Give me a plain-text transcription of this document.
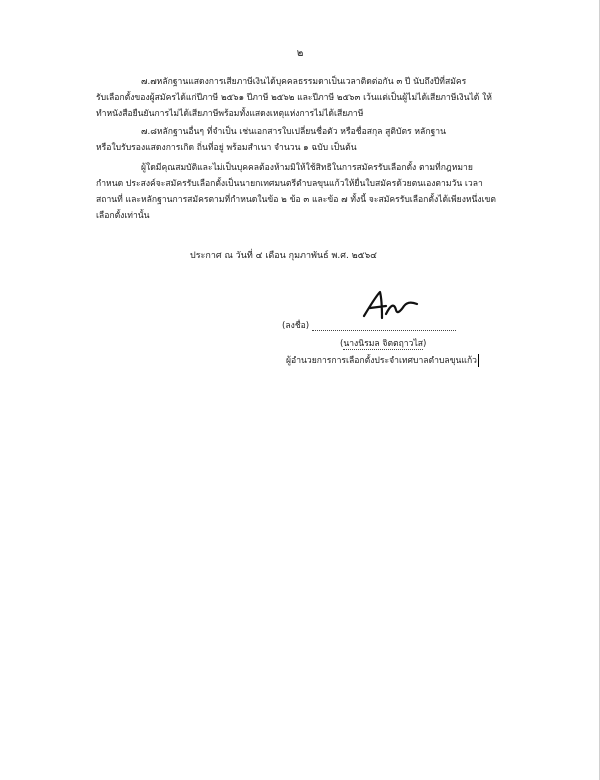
๒
๗.๗หลักฐานแสดงการเสียภาษีเงินได้บุคคลธรรมดาเป็นเวลาติดต่อกัน ๓ ปี นับถึงปีที่สมัคร
รับเลือกตั้งของผู้สมัครได้แก่ปีภาษี ๒๕๖๑ ปีภาษี ๒๕๖๒ และปีภาษี ๒๕๖๓ เว้นแต่เป็นผู้ไม่ได้เสียภาษีเงินได้ ให้
ทำหนังสือยืนยันการไม่ได้เสียภาษีพร้อมทั้งแสดงเหตุแห่งการไม่ได้เสียภาษี
๗.๘หลักฐานอื่นๆ ที่จำเป็น เช่นเอกสารใบเปลี่ยนชื่อตัว หรือชื่อสกุล สูติบัตร หลักฐาน
หรือใบรับรองแสดงการเกิด ถิ่นที่อยู่ พร้อมสำเนา จำนวน ๑ ฉบับ เป็นต้น
ผู้ใดมีคุณสมบัติและไม่เป็นบุคคลต้องห้ามมิให้ใช้สิทธิในการสมัครรับเลือกตั้ง ตามที่กฎหมาย
กำหนด ประสงค์จะสมัครรับเลือกตั้งเป็นนายกเทศมนตรีตำบลขุนแก้วให้ยื่นใบสมัครด้วยตนเองตามวัน เวลา
สถานที่ และหลักฐานการสมัครตามที่กำหนดในข้อ ๒ ข้อ ๓ และข้อ ๗ ทั้งนี้ จะสมัครรับเลือกตั้งได้เพียงหนึ่งเขต
เลือกตั้งเท่านั้น
ประกาศ ณ วันที่ ๔ เดือน กุมภาพันธ์ พ.ศ. ๒๕๖๔
(ลงชื่อ)
(นางนิรมล จิตตฤาวไส)
ผู้อำนวยการการเลือกตั้งประจำเทศบาลตำบลขุนแก้ว
